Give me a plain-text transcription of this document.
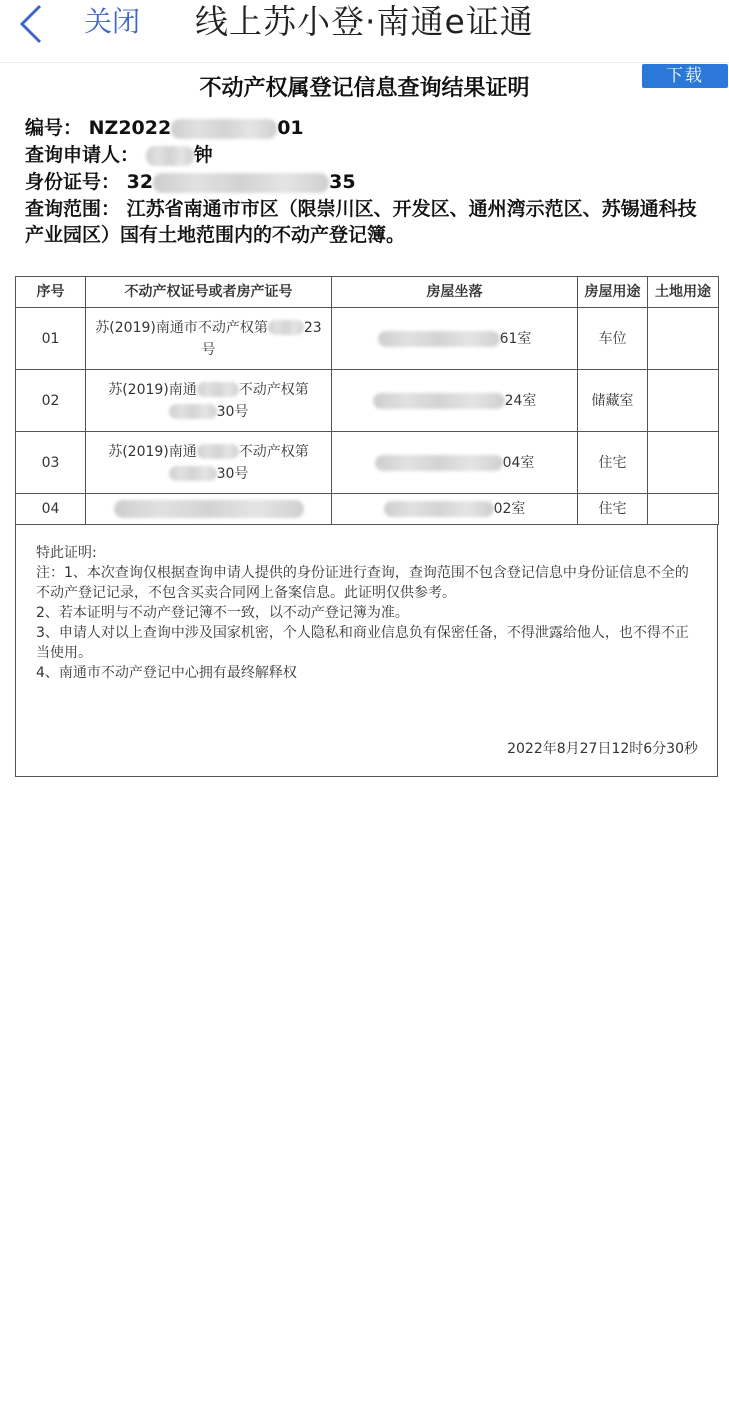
关闭 线上苏小登·南通e证通
下载
不动产权属登记信息查询结果证明
编号： NZ2022	01
查询申请人：	钟
身份证号： 32	35
查询范围： 江苏省南通市市区（限崇川区、开发区、通州湾示范区、苏锡通科技产业园区）国有土地范围内的不动产登记簿。
序号	不动产权证号或者房产证号	房屋坐落	房屋用途	土地用途
01	苏(2019)南通市不动产权第 23
号	61室	车位	
02	苏(2019)南通 不动产权第
30号	24室	储藏室	
03	苏(2019)南通 不动产权第
30号	04室	住宅	
04		02室	住宅	
特此证明:
注：1、本次查询仅根据查询申请人提供的身份证进行查询，查询范围不包含登记信息中身份证信息不全的不动产登记记录，不包含买卖合同网上备案信息。此证明仅供参考。
2、若本证明与不动产登记簿不一致，以不动产登记簿为准。
3、申请人对以上查询中涉及国家机密，个人隐私和商业信息负有保密任备，不得泄露给他人，也不得不正当使用。
4、南通市不动产登记中心拥有最终解释权
2022年8月27日12时6分30秒
